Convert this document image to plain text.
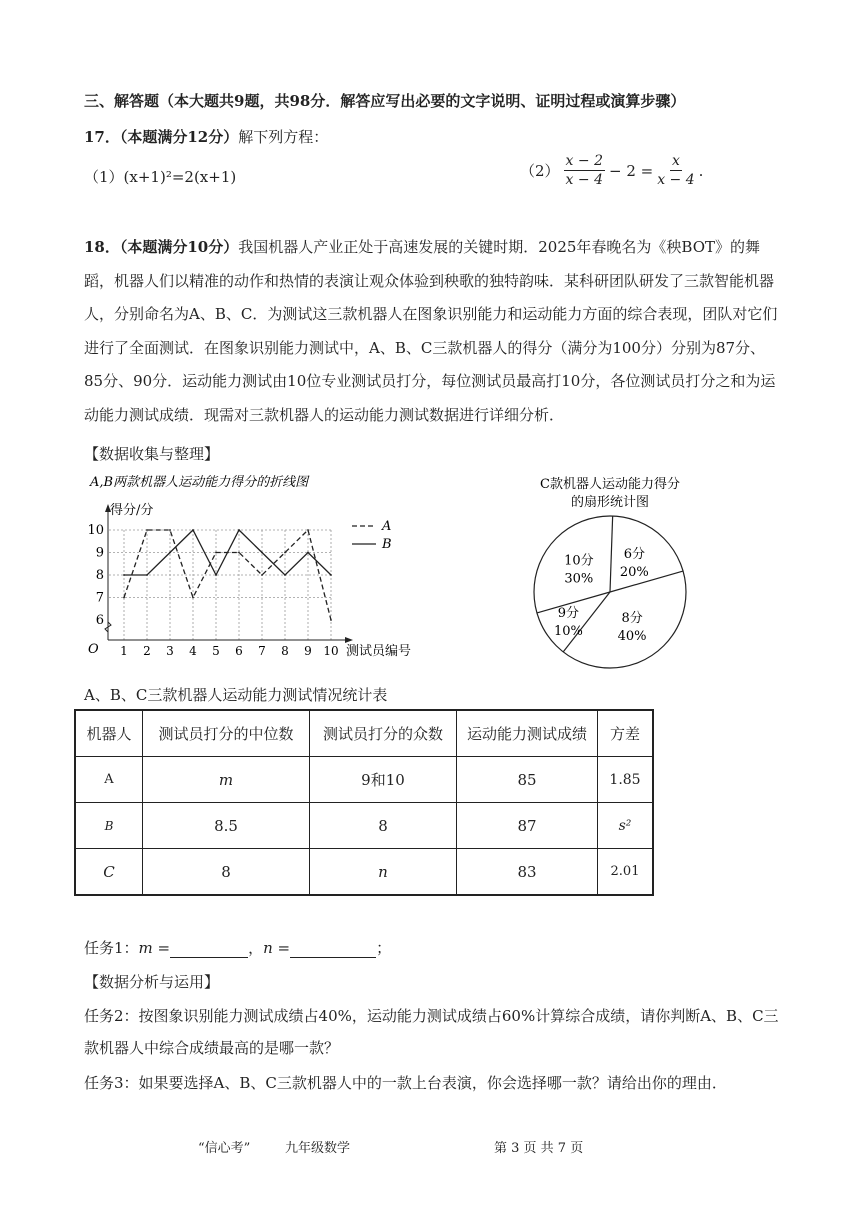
三、解答题（本大题共9题，共98分．解答应写出必要的文字说明、证明过程或演算步骤）
17．（本题满分12分）解下列方程：
（1）(x+1)²=2(x+1)	$(2) \frac{x - 2}{x - 4} - 2 = \frac{x}{x - 4}$ .
18．（本题满分10分）我国机器人产业正处于高速发展的关键时期．2025年春晚名为《秧BOT》的舞蹈，机器人们以精准的动作和热情的表演让观众体验到秧歌的独特韵味．某科研团队研发了三款智能机器人，分别命名为A、B、C．为测试这三款机器人在图象识别能力和运动能力方面的综合表现，团队对它们进行了全面测试．在图象识别能力测试中，A、B、C三款机器人的得分（满分为100分）分别为87分、85分、90分．运动能力测试由10位专业测试员打分，每位测试员最高打10分，各位测试员打分之和为运动能力测试成绩．现需对三款机器人的运动能力测试数据进行详细分析．
【数据收集与整理】
A,B两款机器人运动能力得分的折线图
得分/分
测试员编号
O
6
7
8
9
10
1 2 3 4 5 6 7 8 9 10
A
B
C款机器人运动能力得分
的扇形统计图
6分
20%
8分
40%
9分
10%
10分
30%
A、B、C三款机器人运动能力测试情况统计表
机器人	测试员打分的中位数	测试员打分的众数	运动能力测试成绩	方差
A	m	9和10	85	1.85
B	8.5	8	87	s²
C	8	n	83	2.01
任务1：m =	，n =	；
【数据分析与运用】
任务2：按图象识别能力测试成绩占40%，运动能力测试成绩占60%计算综合成绩，请你判断A、B、C三款机器人中综合成绩最高的是哪一款？
任务3：如果要选择A、B、C三款机器人中的一款上台表演，你会选择哪一款？请给出你的理由．
“信心考”	九年级数学	第 3 页 共 7 页
